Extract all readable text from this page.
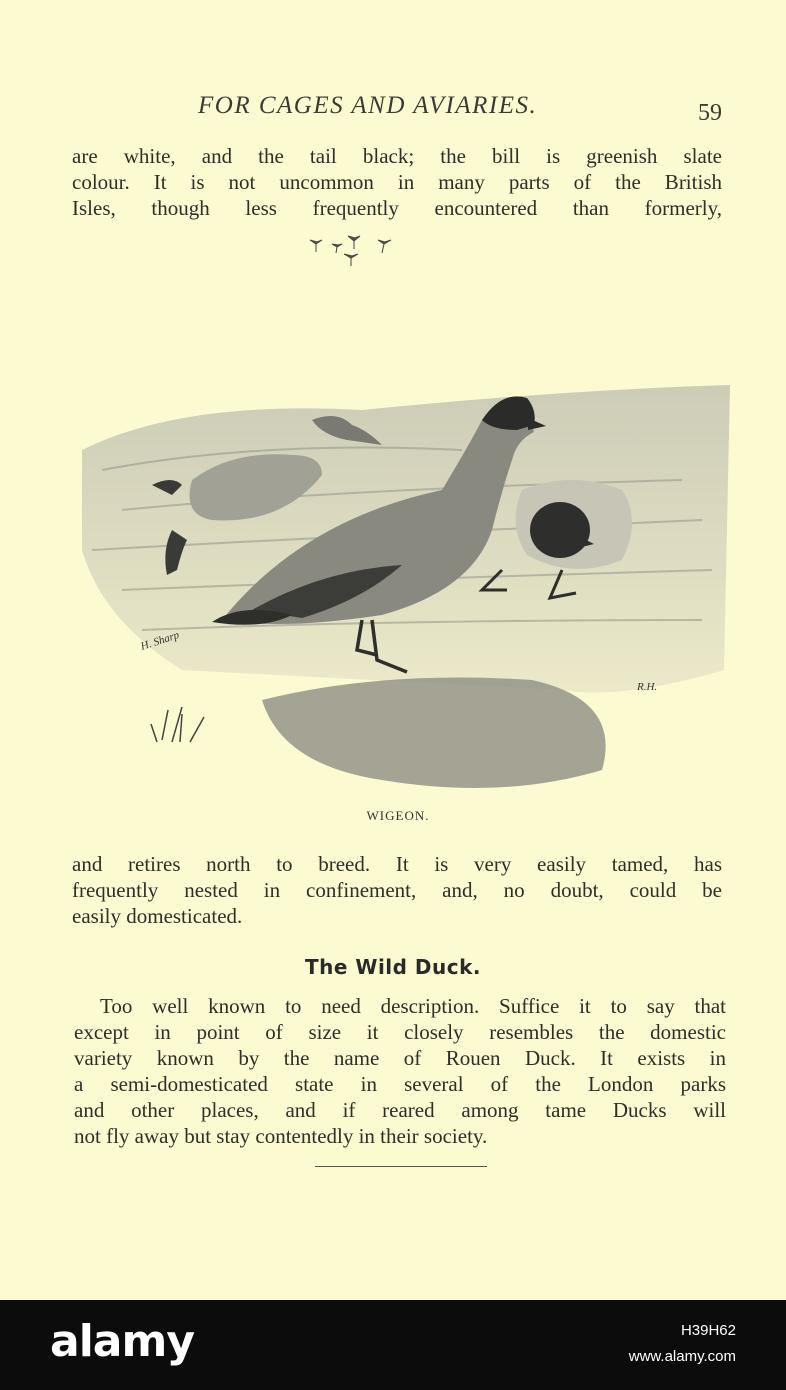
FOR CAGES AND AVIARIES.	59
are white, and the tail black; the bill is greenish slate
colour. It is not uncommon in many parts of the British
Isles, though less frequently encountered than formerly,
H. Sharp
R.H.
WIGEON.
and retires north to breed. It is very easily tamed, has
frequently nested in confinement, and, no doubt, could be
easily domesticated.
The Wild Duck.
Too well known to need description. Suffice it to say that
except in point of size it closely resembles the domestic
variety known by the name of Rouen Duck. It exists in
a semi-domesticated state in several of the London parks
and other places, and if reared among tame Ducks will
not fly away but stay contentedly in their society.
alamy	H39H62
www.alamy.com
